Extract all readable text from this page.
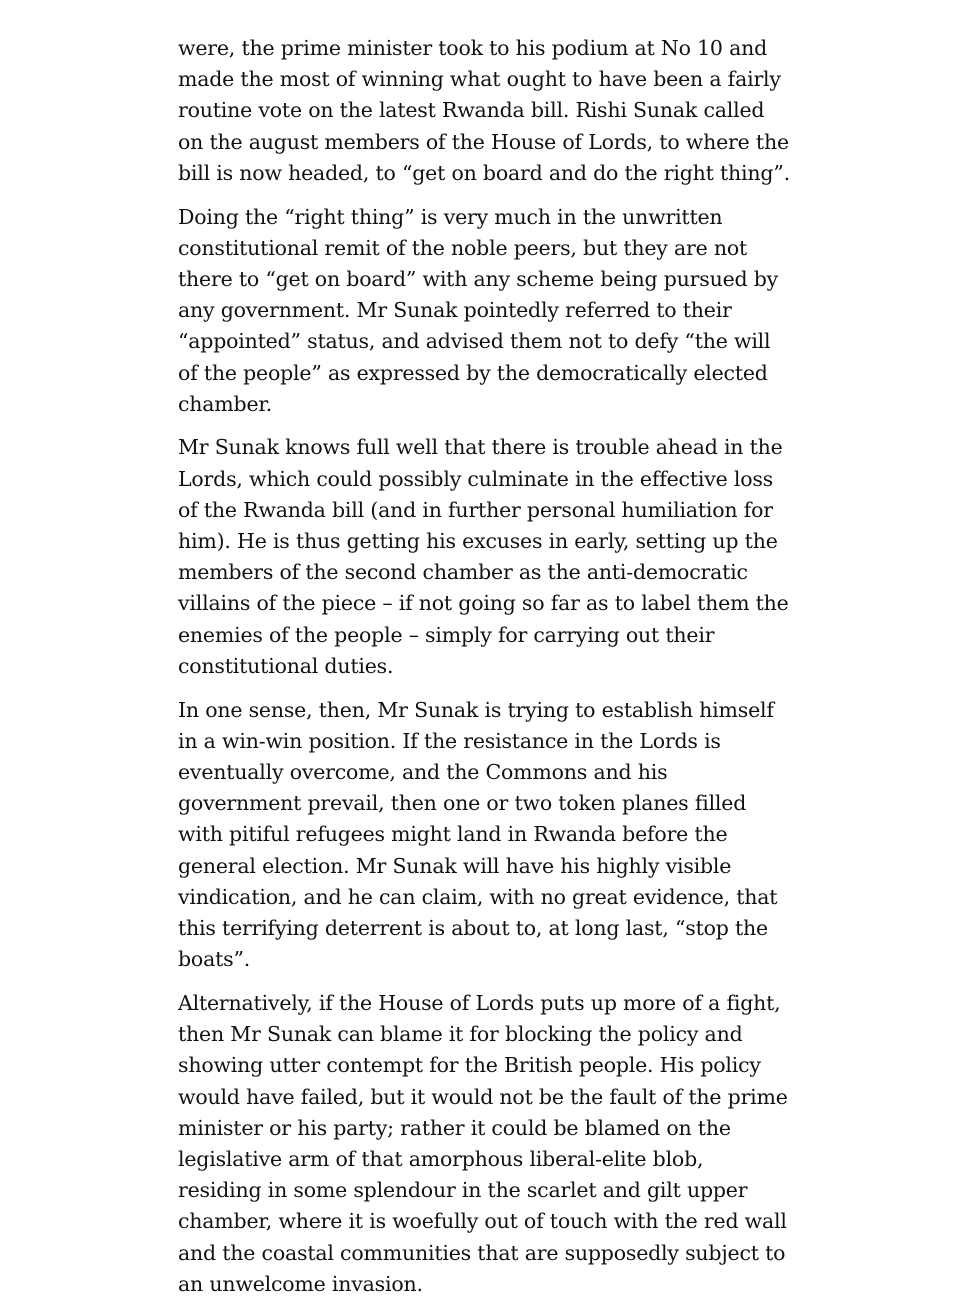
were, the prime minister took to his podium at No 10 and made the most of winning what ought to have been a fairly routine vote on the latest Rwanda bill. Rishi Sunak called on the august members of the House of Lords, to where the bill is now headed, to “get on board and do the right thing”.

Doing the “right thing” is very much in the unwritten constitutional remit of the noble peers, but they are not there to “get on board” with any scheme being pursued by any government. Mr Sunak pointedly referred to their “appointed” status, and advised them not to defy “the will of the people” as expressed by the democratically elected chamber.

Mr Sunak knows full well that there is trouble ahead in the Lords, which could possibly culminate in the effective loss of the Rwanda bill (and in further personal humiliation for him). He is thus getting his excuses in early, setting up the members of the second chamber as the anti-democratic villains of the piece – if not going so far as to label them the enemies of the people – simply for carrying out their constitutional duties.

In one sense, then, Mr Sunak is trying to establish himself in a win-win position. If the resistance in the Lords is eventually overcome, and the Commons and his government prevail, then one or two token planes filled with pitiful refugees might land in Rwanda before the general election. Mr Sunak will have his highly visible vindication, and he can claim, with no great evidence, that this terrifying deterrent is about to, at long last, “stop the boats”.

Alternatively, if the House of Lords puts up more of a fight, then Mr Sunak can blame it for blocking the policy and showing utter contempt for the British people. His policy would have failed, but it would not be the fault of the prime minister or his party; rather it could be blamed on the legislative arm of that amorphous liberal-elite blob, residing in some splendour in the scarlet and gilt upper chamber, where it is woefully out of touch with the red wall and the coastal communities that are supposedly subject to an unwelcome invasion.
